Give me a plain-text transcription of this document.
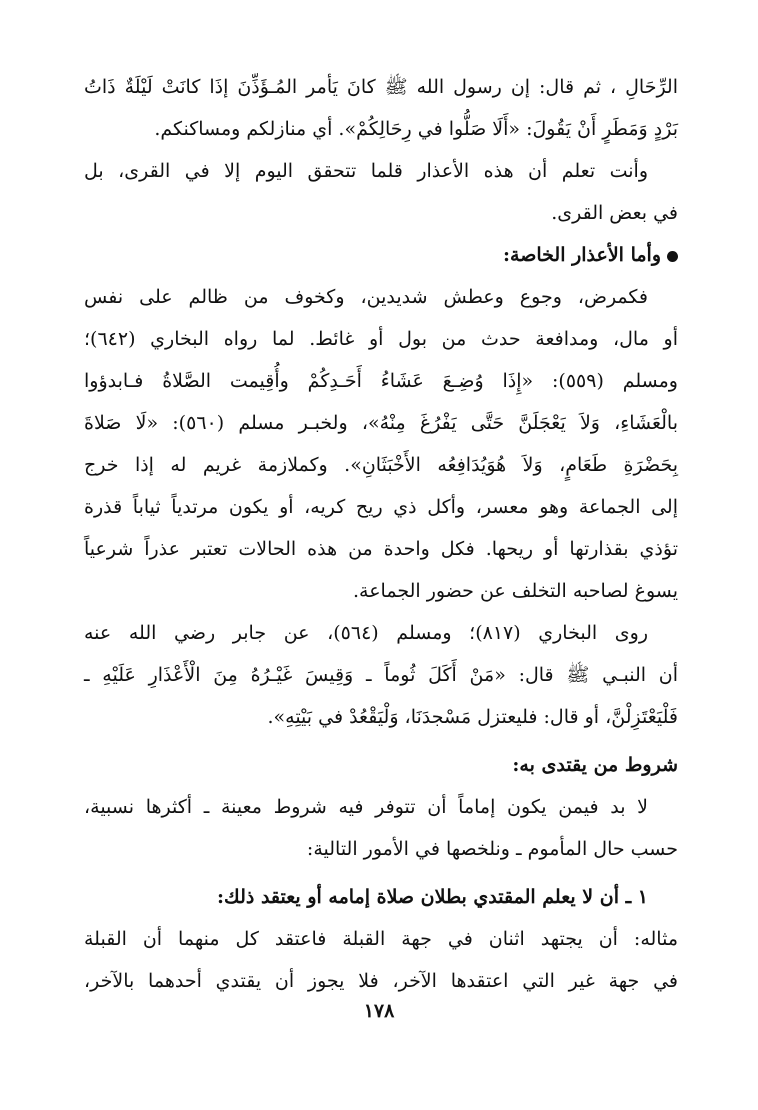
الرِّحَالِ ، ثم قال: إن رسول الله ﷺ كانَ يَأمر المُـؤَذِّنَ إذَا كانَتْ لَيْلَةٌ ذَاتُ
بَرْدٍ وَمَطَرٍ أَنْ يَقُولَ: «أَلَا صَلُّوا في رِحَالِكُمْ». أي منازلكم ومساكنكم.
وأنت تعلم أن هذه الأعذار قلما تتحقق اليوم إلا في القرى، بل
في بعض القرى.
وأما الأعذار الخاصة:
فكمرض، وجوع وعطش شديدين، وكخوف من ظالم على نفس
أو مال، ومدافعة حدث من بول أو غائط. لما رواه البخاري (٦٤٢)؛
ومسلم (٥٥٩): «إِذَا وُضِـعَ عَشَاءُ أَحَـدِكُمْ وأُقِيمت الصَّلاةُ فـابدؤوا
بالْعَشَاءِ، وَلاَ يَعْجَلَنَّ حَتَّى يَفْرُغَ مِنْهُ»، ولخبـر مسلم (٥٦٠): «لَا صَلاةَ
بِحَضْرَةِ طَعَامٍ، وَلاَ هُوَيُدَافِعُه الأَخْبَثَانِ». وكملازمة غريم له إذا خرج
إلى الجماعة وهو معسر، وأكل ذي ريح كريه، أو يكون مرتدياً ثياباً قذرة
تؤذي بقذارتها أو ريحها. فكل واحدة من هذه الحالات تعتبر عذراً شرعياً
يسوغ لصاحبه التخلف عن حضور الجماعة.
روى البخاري (٨١٧)؛ ومسلم (٥٦٤)، عن جابر رضي الله عنه
أن النبـي ﷺ قال: «مَنْ أَكَلَ ثُوماً ـ وَقِيسَ غَيْـرُهُ مِنَ الْأَعْذَارِ عَلَيْهِ ـ
فَلْيَعْتَزِلْنَّ، أو قال: فليعتزل مَسْجدَنَا، وَلْيَقْعُدْ في بَيْتِهِ».
شروط من يقتدى به:
لا بد فيمن يكون إماماً أن تتوفر فيه شروط معينة ـ أكثرها نسبية،
حسب حال المأموم ـ ونلخصها في الأمور التالية:
١ ـ أن لا يعلم المقتدي بطلان صلاة إمامه أو يعتقد ذلك:
مثاله: أن يجتهد اثنان في جهة القبلة فاعتقد كل منهما أن القبلة
في جهة غير التي اعتقدها الآخر، فلا يجوز أن يقتدي أحدهما بالآخر،
١٧٨
